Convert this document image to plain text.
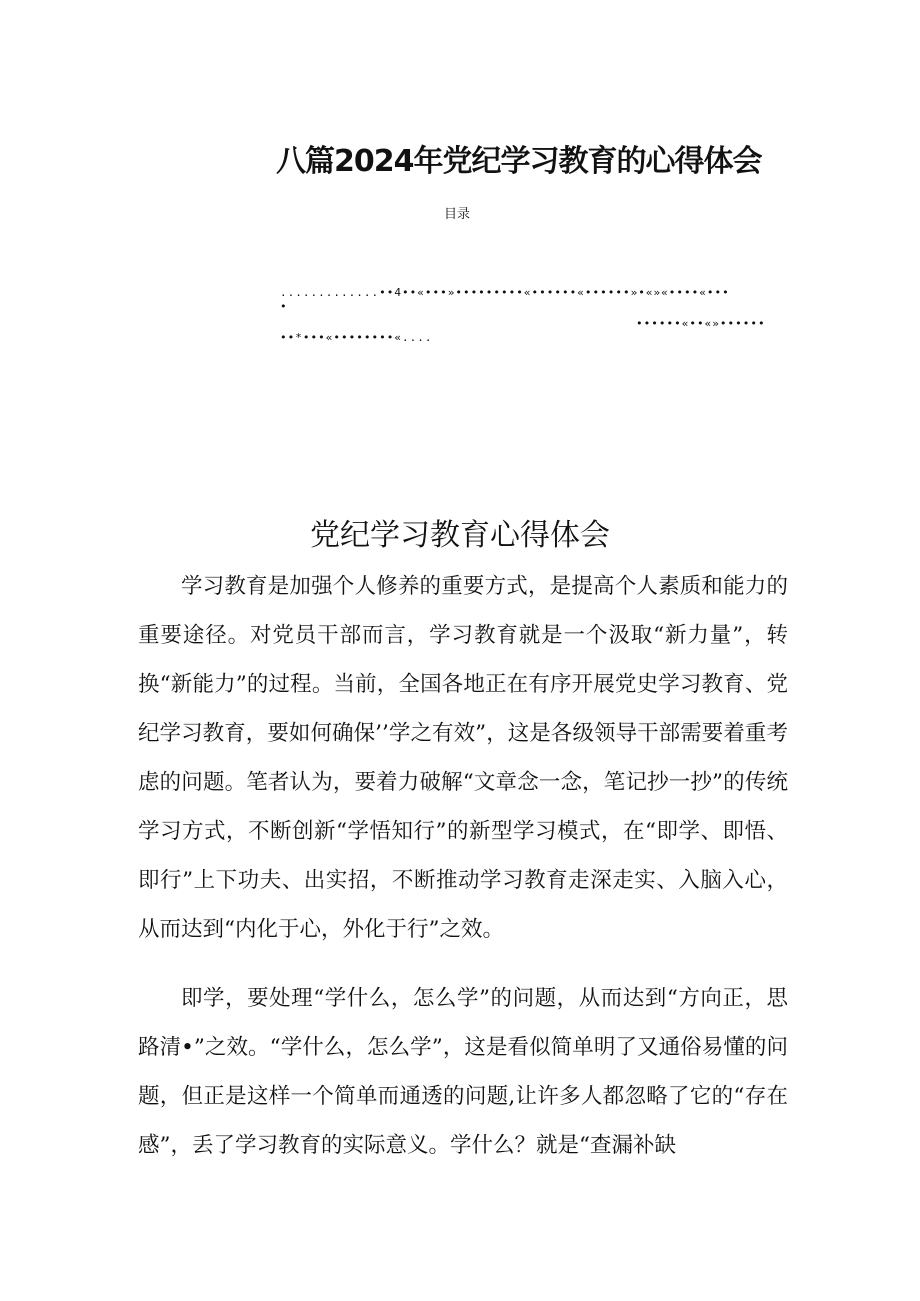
八篇2024年党纪学习教育的心得体会

目录

.............••4••«•••»•••••••••«••••••«••••••»•«»«••••«•••

•

••••••«••«»••••••

••*•••«••••••••«....

党纪学习教育心得体会

学习教育是加强个人修养的重要方式，是提高个人素质和能力的重要途径。对党员干部而言，学习教育就是一个汲取“新力量”，转换“新能力”的过程。当前，全国各地正在有序开展党史学习教育、党纪学习教育，要如何确保’’学之有效”，这是各级领导干部需要着重考虑的问题。笔者认为，要着力破解“文章念一念，笔记抄一抄”的传统学习方式，不断创新“学悟知行”的新型学习模式，在“即学、即悟、即行”上下功夫、出实招，不断推动学习教育走深走实、入脑入心，从而达到“内化于心，外化于行”之效。

即学，要处理“学什么，怎么学”的问题，从而达到“方向正，思路清•”之效。“学什么，怎么学”，这是看似简单明了又通俗易懂的问题，但正是这样一个简单而通透的问题,让许多人都忽略了它的“存在感”，丢了学习教育的实际意义。学什么？就是“查漏补缺
